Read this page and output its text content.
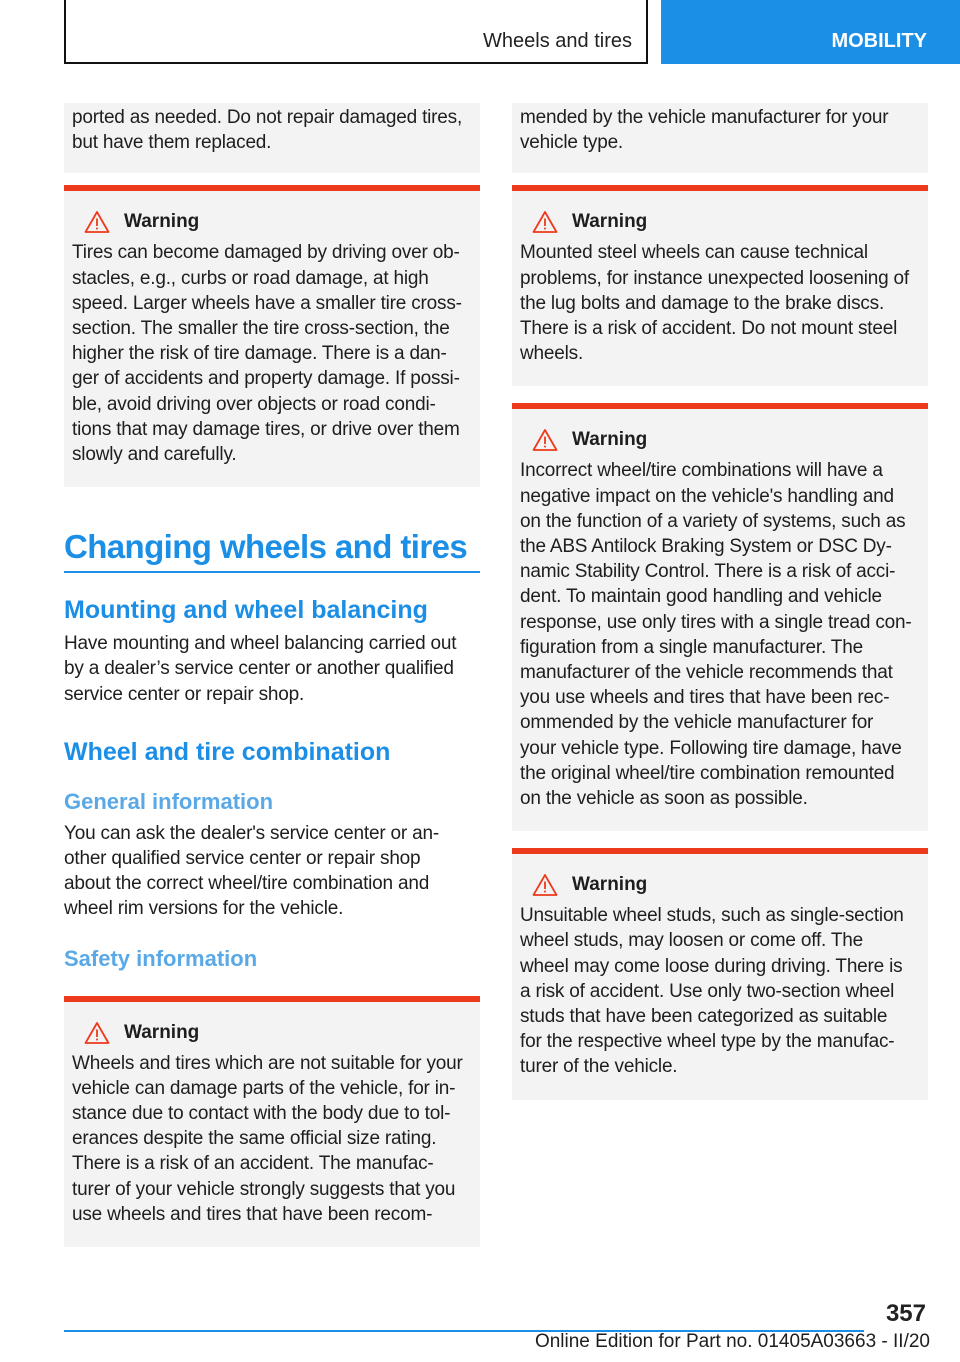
Wheels and tires	MOBILITY

ported as needed. Do not repair damaged tires,
but have them replaced.

Warning

Tires can become damaged by driving over ob-
stacles, e.g., curbs or road damage, at high
speed. Larger wheels have a smaller tire cross-
section. The smaller the tire cross-section, the
higher the risk of tire damage. There is a dan-
ger of accidents and property damage. If possi-
ble, avoid driving over objects or road condi-
tions that may damage tires, or drive over them
slowly and carefully.

Changing wheels and tires
Mounting and wheel balancing

Have mounting and wheel balancing carried out
by a dealer’s service center or another qualified
service center or repair shop.

Wheel and tire combination
General information

You can ask the dealer's service center or an-
other qualified service center or repair shop
about the correct wheel/tire combination and
wheel rim versions for the vehicle.

Safety information
Warning

Wheels and tires which are not suitable for your
vehicle can damage parts of the vehicle, for in-
stance due to contact with the body due to tol-
erances despite the same official size rating.
There is a risk of an accident. The manufac-
turer of your vehicle strongly suggests that you
use wheels and tires that have been recom-

mended by the vehicle manufacturer for your
vehicle type.

Warning

Mounted steel wheels can cause technical
problems, for instance unexpected loosening of
the lug bolts and damage to the brake discs.
There is a risk of accident. Do not mount steel
wheels.

Warning

Incorrect wheel/tire combinations will have a
negative impact on the vehicle's handling and
on the function of a variety of systems, such as
the ABS Antilock Braking System or DSC Dy-
namic Stability Control. There is a risk of acci-
dent. To maintain good handling and vehicle
response, use only tires with a single tread con-
figuration from a single manufacturer. The
manufacturer of the vehicle recommends that
you use wheels and tires that have been rec-
ommended by the vehicle manufacturer for
your vehicle type. Following tire damage, have
the original wheel/tire combination remounted
on the vehicle as soon as possible.

Warning

Unsuitable wheel studs, such as single-section
wheel studs, may loosen or come off. The
wheel may come loose during driving. There is
a risk of accident. Use only two-section wheel
studs that have been categorized as suitable
for the respective wheel type by the manufac-
turer of the vehicle.

357
Online Edition for Part no. 01405A03663 - II/20
